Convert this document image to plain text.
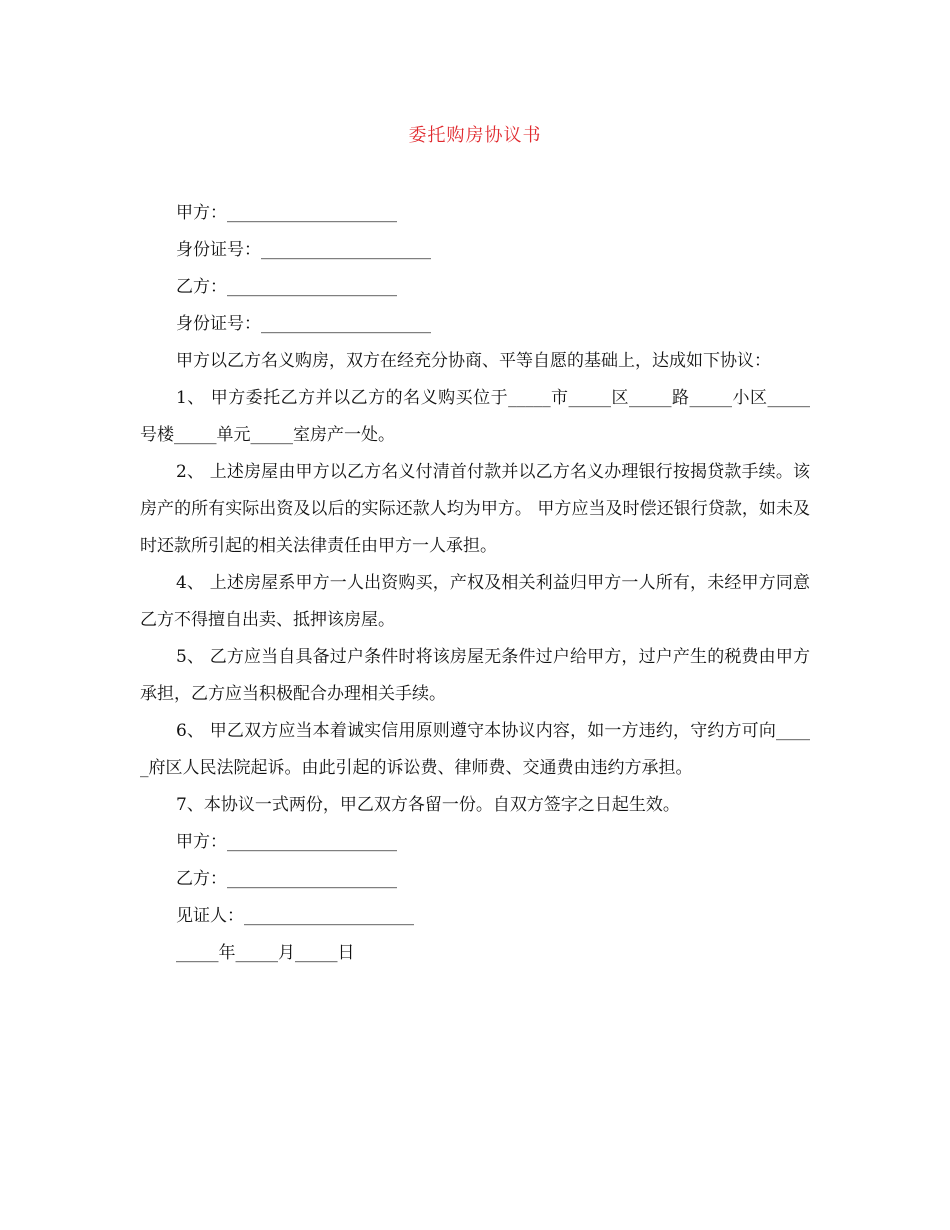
委托购房协议书
甲方：____________________
身份证号：____________________
乙方：____________________
身份证号：____________________
甲方以乙方名义购房，双方在经充分协商、平等自愿的基础上，达成如下协议：
1、 甲方委托乙方并以乙方的名义购买位于_____市_____区_____路_____小区_____号楼_____单元_____室房产一处。
2、 上述房屋由甲方以乙方名义付清首付款并以乙方名义办理银行按揭贷款手续。该房产的所有实际出资及以后的实际还款人均为甲方。 甲方应当及时偿还银行贷款，如未及时还款所引起的相关法律责任由甲方一人承担。
4、 上述房屋系甲方一人出资购买，产权及相关利益归甲方一人所有，未经甲方同意乙方不得擅自出卖、抵押该房屋。
5、 乙方应当自具备过户条件时将该房屋无条件过户给甲方，过户产生的税费由甲方承担，乙方应当积极配合办理相关手续。
6、 甲乙双方应当本着诚实信用原则遵守本协议内容，如一方违约，守约方可向_____府区人民法院起诉。由此引起的诉讼费、律师费、交通费由违约方承担。
7、本协议一式两份，甲乙双方各留一份。自双方签字之日起生效。
甲方：____________________
乙方：____________________
见证人：____________________
_____年_____月_____日
